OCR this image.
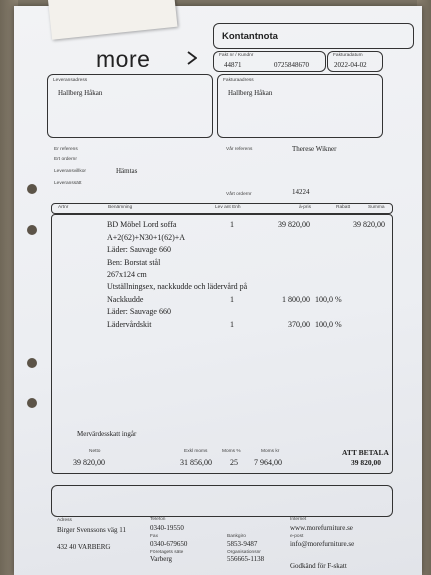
more
Kontantnota
Fakt nr / Kundnr
44871	0725848670
Fakturadatum
2022-04-02
Leveransadress
Hallberg Håkan
Fakturaadress
Hallberg Håkan
Er referens
Ert ordernr
Leveransvillkor	Hämtas
Leveranssätt
Vår referens	Therese Wikner
Vårt ordernr	14224
Artnr	Benämning	Lev ant Enh	à-pris	Rabatt	Summa
BD Möbel Lord soffa	1	39 820,00	39 820,00
A+2(62)+N30+1(62)+A
Läder: Sauvage 660
Ben: Borstat stål
267x124 cm
Utställningsex, nackkudde och lädervård på
Nackkudde	1	1 800,00 100,0 %
Läder: Sauvage 660
Lädervårdskit	1	370,00 100,0 %
Mervärdesskatt ingår
Netto
39 820,00
Exkl moms
31 856,00
Moms %
25
Moms kr
7 964,00
ATT BETALA
39 820,00
Adress
Birger Svenssons väg 11
432 40 VARBERG
Telefon
0340-19550
Fax
0340-679650
Företagets säte
Varberg
Bankgiro
5853-9487
Organisationsnr
556665-1138
Internet
www.morefurniture.se
e-post
info@morefurniture.se
Godkänd för F-skatt
